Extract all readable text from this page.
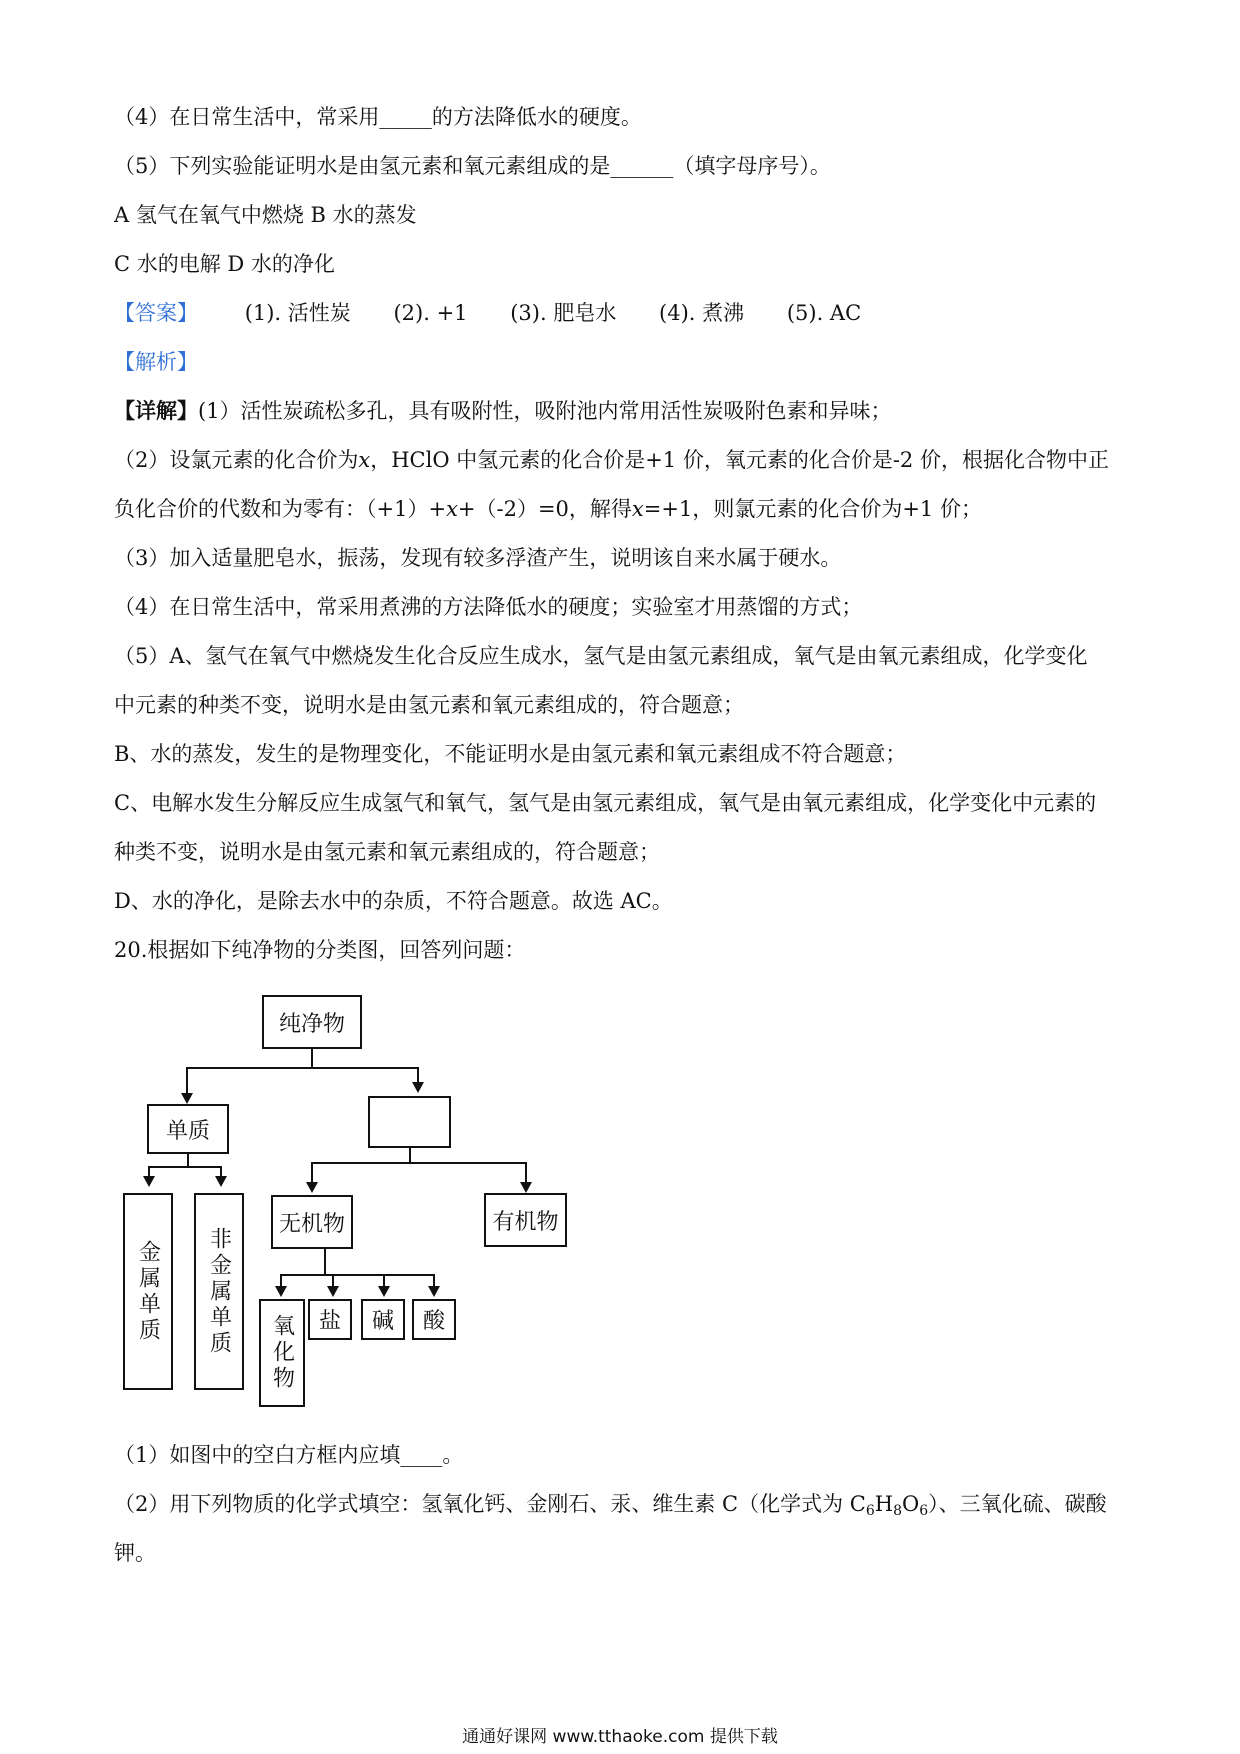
（4）在日常生活中，常采用_____的方法降低水的硬度。
（5）下列实验能证明水是由氢元素和氧元素组成的是______（填字母序号）。
A 氢气在氧气中燃烧 B 水的蒸发
C 水的电解 D 水的净化
【答案】 (1). 活性炭 (2). +1 (3). 肥皂水 (4). 煮沸 (5). AC
【解析】
【详解】(1）活性炭疏松多孔，具有吸附性，吸附池内常用活性炭吸附色素和异味；
（2）设氯元素的化合价为x，HClO 中氢元素的化合价是+1 价，氧元素的化合价是-2 价，根据化合物中正
负化合价的代数和为零有：（+1）+x+（-2）=0，解得x=+1，则氯元素的化合价为+1 价；
（3）加入适量肥皂水，振荡，发现有较多浮渣产生，说明该自来水属于硬水。
（4）在日常生活中，常采用煮沸的方法降低水的硬度；实验室才用蒸馏的方式；
（5）A、氢气在氧气中燃烧发生化合反应生成水，氢气是由氢元素组成，氧气是由氧元素组成，化学变化
中元素的种类不变，说明水是由氢元素和氧元素组成的，符合题意；
B、水的蒸发，发生的是物理变化，不能证明水是由氢元素和氧元素组成不符合题意；
C、电解水发生分解反应生成氢气和氧气，氢气是由氢元素组成，氧气是由氧元素组成，化学变化中元素的
种类不变，说明水是由氢元素和氧元素组成的，符合题意；
D、水的净化，是除去水中的杂质，不符合题意。故选 AC。
20.根据如下纯净物的分类图，回答列问题：
纯净物
单质
金属单质	非金属单质
无机物	有机物
氧化物	盐	碱	酸
（1）如图中的空白方框内应填____。
（2）用下列物质的化学式填空：氢氧化钙、金刚石、汞、维生素 C（化学式为 $C_6H_8O_6$）、三氧化硫、碳酸
钾。
通通好课网 www.tthaoke.com 提供下载
